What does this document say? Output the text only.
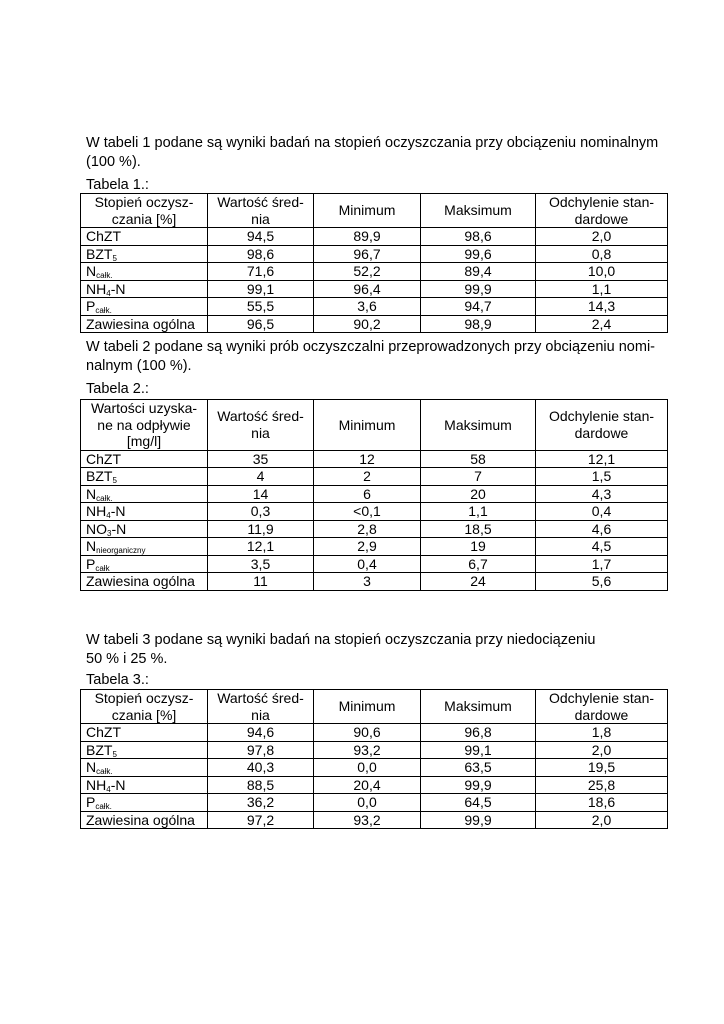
W tabeli 1 podane są wyniki badań na stopień oczyszczania przy obciązeniu nominalnym
(100 %).

Tabela 1.:

Stopień oczysz-
czania [%]	Wartość śred-
nia	Minimum	Maksimum	Odchylenie stan-
dardowe

ChZT	94,5	89,9	98,6	2,0
$BZT_5$	98,6	96,7	99,6	0,8
$N_{całk.}$	71,6	52,2	89,4	10,0
$NH_4-N$	99,1	96,4	99,9	1,1
$P_{całk.}$	55,5	3,6	94,7	14,3
Zawiesina ogólna	96,5	90,2	98,9	2,4

W tabeli 2 podane są wyniki prób oczyszczalni przeprowadzonych przy obciązeniu nomi-
nalnym (100 %).

Tabela 2.:

Wartości uzyska-
ne na odpływie
[mg/l]	Wartość śred-
nia	Minimum	Maksimum	Odchylenie stan-
dardowe

ChZT	35	12	58	12,1
$BZT_5$	4	2	7	1,5
$N_{całk.}$	14	6	20	4,3
$NH_4-N$	0,3	<0,1	1,1	0,4
$NO_3-N$	11,9	2,8	18,5	4,6
$N_{nieorganiczny}$	12,1	2,9	19	4,5
$P_{całk}$	3,5	0,4	6,7	1,7
Zawiesina ogólna	11	3	24	5,6

W tabeli 3 podane są wyniki badań na stopień oczyszczania przy niedociązeniu
50 % i 25 %.

Tabela 3.:

Stopień oczysz-
czania [%]	Wartość śred-
nia	Minimum	Maksimum	Odchylenie stan-
dardowe

ChZT	94,6	90,6	96,8	1,8
$BZT_5$	97,8	93,2	99,1	2,0
$N_{całk.}$	40,3	0,0	63,5	19,5
$NH_4-N$	88,5	20,4	99,9	25,8
$P_{całk.}$	36,2	0,0	64,5	18,6
Zawiesina ogólna	97,2	93,2	99,9	2,0
